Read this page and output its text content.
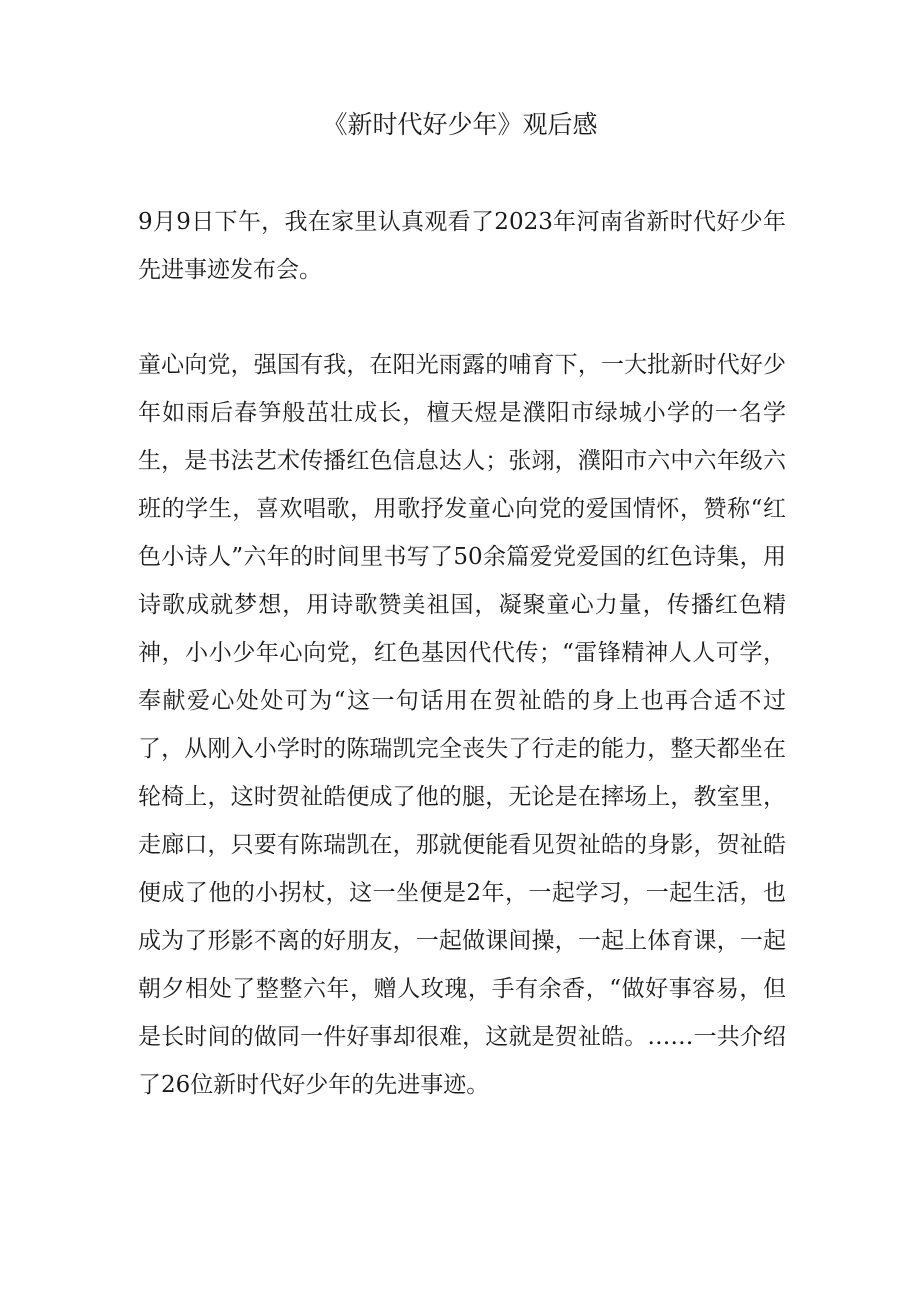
《新时代好少年》观后感

9月9日下午，我在家里认真观看了2023年河南省新时代好少年先进事迹发布会。

童心向党，强国有我，在阳光雨露的哺育下，一大批新时代好少年如雨后春笋般茁壮成长，檀天煜是濮阳市绿城小学的一名学生，是书法艺术传播红色信息达人；张翊，濮阳市六中六年级六班的学生，喜欢唱歌，用歌抒发童心向党的爱国情怀，赞称“红色小诗人”六年的时间里书写了50余篇爱党爱国的红色诗集，用诗歌成就梦想，用诗歌赞美祖国，凝聚童心力量，传播红色精神，小小少年心向党，红色基因代代传；“雷锋精神人人可学，奉献爱心处处可为“这一句话用在贺祉皓的身上也再合适不过了，从刚入小学时的陈瑞凯完全丧失了行走的能力，整天都坐在轮椅上，这时贺祉皓便成了他的腿，无论是在摔场上，教室里，走廊口，只要有陈瑞凯在，那就便能看见贺祉皓的身影，贺祉皓便成了他的小拐杖，这一坐便是2年，一起学习，一起生活，也成为了形影不离的好朋友，一起做课间操，一起上体育课，一起朝夕相处了整整六年，赠人玫瑰，手有余香，“做好事容易，但是长时间的做同一件好事却很难，这就是贺祉皓。……一共介绍了26位新时代好少年的先进事迹。
